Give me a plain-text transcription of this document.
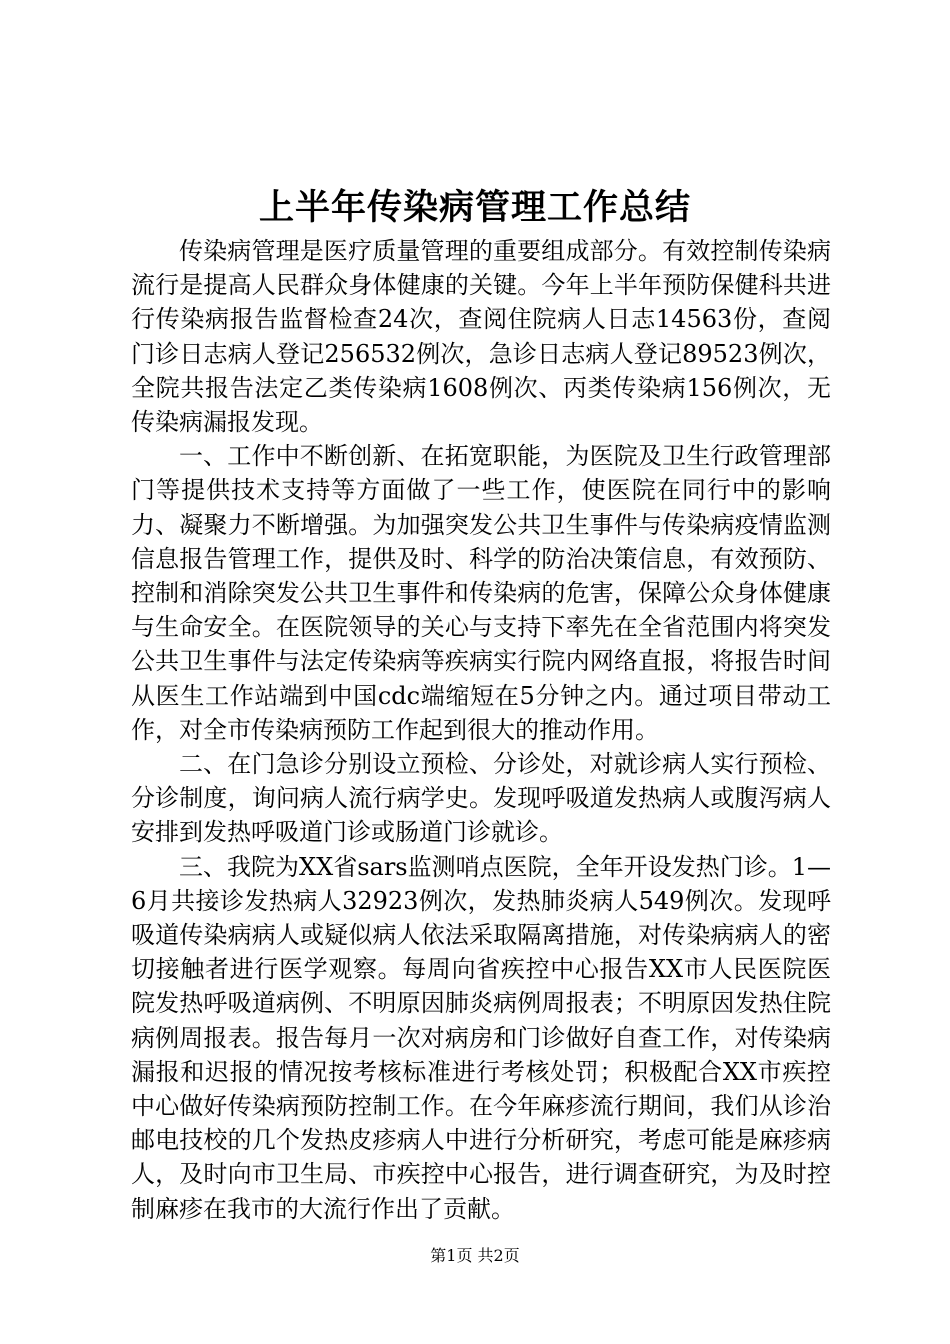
上半年传染病管理工作总结

传染病管理是医疗质量管理的重要组成部分。有效控制传染病流行是提高人民群众身体健康的关键。今年上半年预防保健科共进行传染病报告监督检查24次，查阅住院病人日志14563份，查阅门诊日志病人登记256532例次，急诊日志病人登记89523例次，全院共报告法定乙类传染病1608例次、丙类传染病156例次，无传染病漏报发现。

一、工作中不断创新、在拓宽职能，为医院及卫生行政管理部门等提供技术支持等方面做了一些工作，使医院在同行中的影响力、凝聚力不断增强。为加强突发公共卫生事件与传染病疫情监测信息报告管理工作，提供及时、科学的防治决策信息，有效预防、控制和消除突发公共卫生事件和传染病的危害，保障公众身体健康与生命安全。在医院领导的关心与支持下率先在全省范围内将突发公共卫生事件与法定传染病等疾病实行院内网络直报，将报告时间从医生工作站端到中国cdc端缩短在5分钟之内。通过项目带动工作，对全市传染病预防工作起到很大的推动作用。

二、在门急诊分别设立预检、分诊处，对就诊病人实行预检、分诊制度，询问病人流行病学史。发现呼吸道发热病人或腹泻病人安排到发热呼吸道门诊或肠道门诊就诊。

三、我院为XX省sars监测哨点医院，全年开设发热门诊。1—6月共接诊发热病人32923例次，发热肺炎病人549例次。发现呼吸道传染病病人或疑似病人依法采取隔离措施，对传染病病人的密切接触者进行医学观察。每周向省疾控中心报告XX市人民医院医院发热呼吸道病例、不明原因肺炎病例周报表；不明原因发热住院病例周报表。报告每月一次对病房和门诊做好自查工作，对传染病漏报和迟报的情况按考核标准进行考核处罚；积极配合XX市疾控中心做好传染病预防控制工作。在今年麻疹流行期间，我们从诊治邮电技校的几个发热皮疹病人中进行分析研究，考虑可能是麻疹病人，及时向市卫生局、市疾控中心报告，进行调查研究，为及时控制麻疹在我市的大流行作出了贡献。

第1页 共2页
